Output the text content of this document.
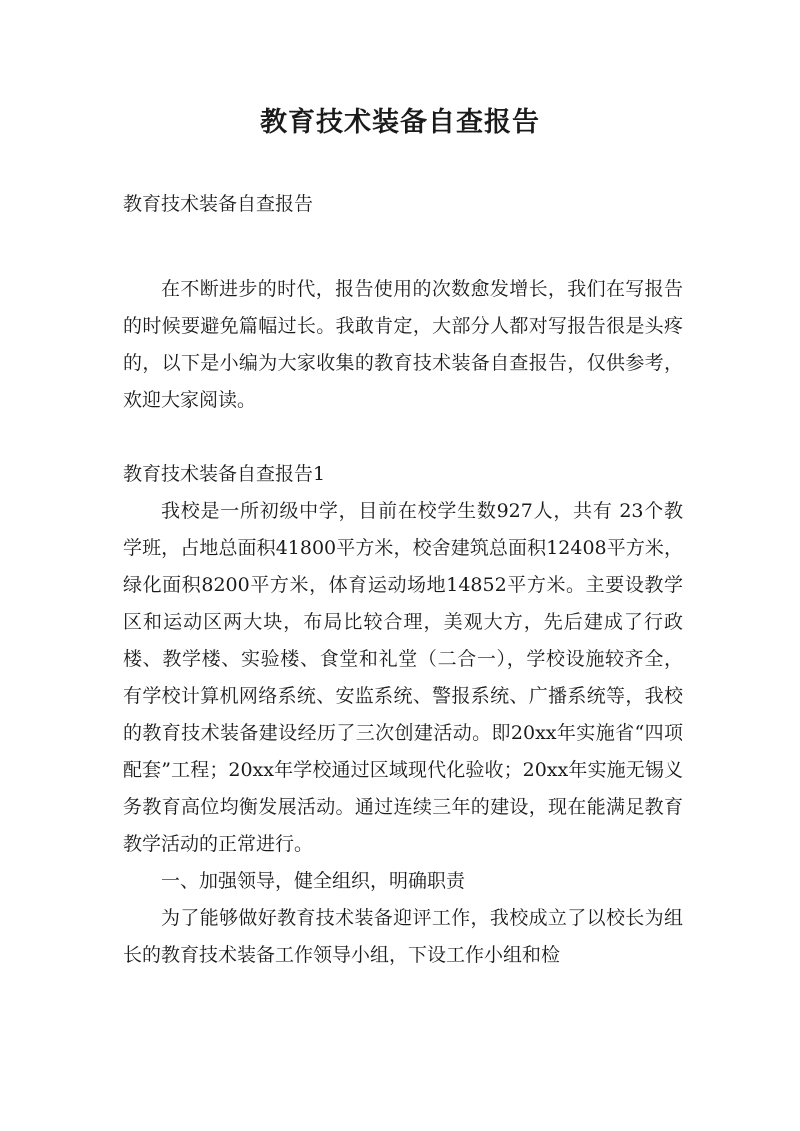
教育技术装备自查报告

教育技术装备自查报告

在不断进步的时代，报告使用的次数愈发增长，我们在写报告的时候要避免篇幅过长。我敢肯定，大部分人都对写报告很是头疼的，以下是小编为大家收集的教育技术装备自查报告，仅供参考，欢迎大家阅读。

教育技术装备自查报告1

我校是一所初级中学，目前在校学生数927人，共有 23个教学班，占地总面积41800平方米，校舍建筑总面积12408平方米，绿化面积8200平方米，体育运动场地14852平方米。主要设教学区和运动区两大块，布局比较合理，美观大方，先后建成了行政楼、教学楼、实验楼、食堂和礼堂（二合一），学校设施较齐全，有学校计算机网络系统、安监系统、警报系统、广播系统等，我校的教育技术装备建设经历了三次创建活动。即20xx年实施省“四项配套”工程；20xx年学校通过区域现代化验收；20xx年实施无锡义务教育高位均衡发展活动。通过连续三年的建设，现在能满足教育教学活动的正常进行。

一、加强领导，健全组织，明确职责

为了能够做好教育技术装备迎评工作，我校成立了以校长为组长的教育技术装备工作领导小组，下设工作小组和检
